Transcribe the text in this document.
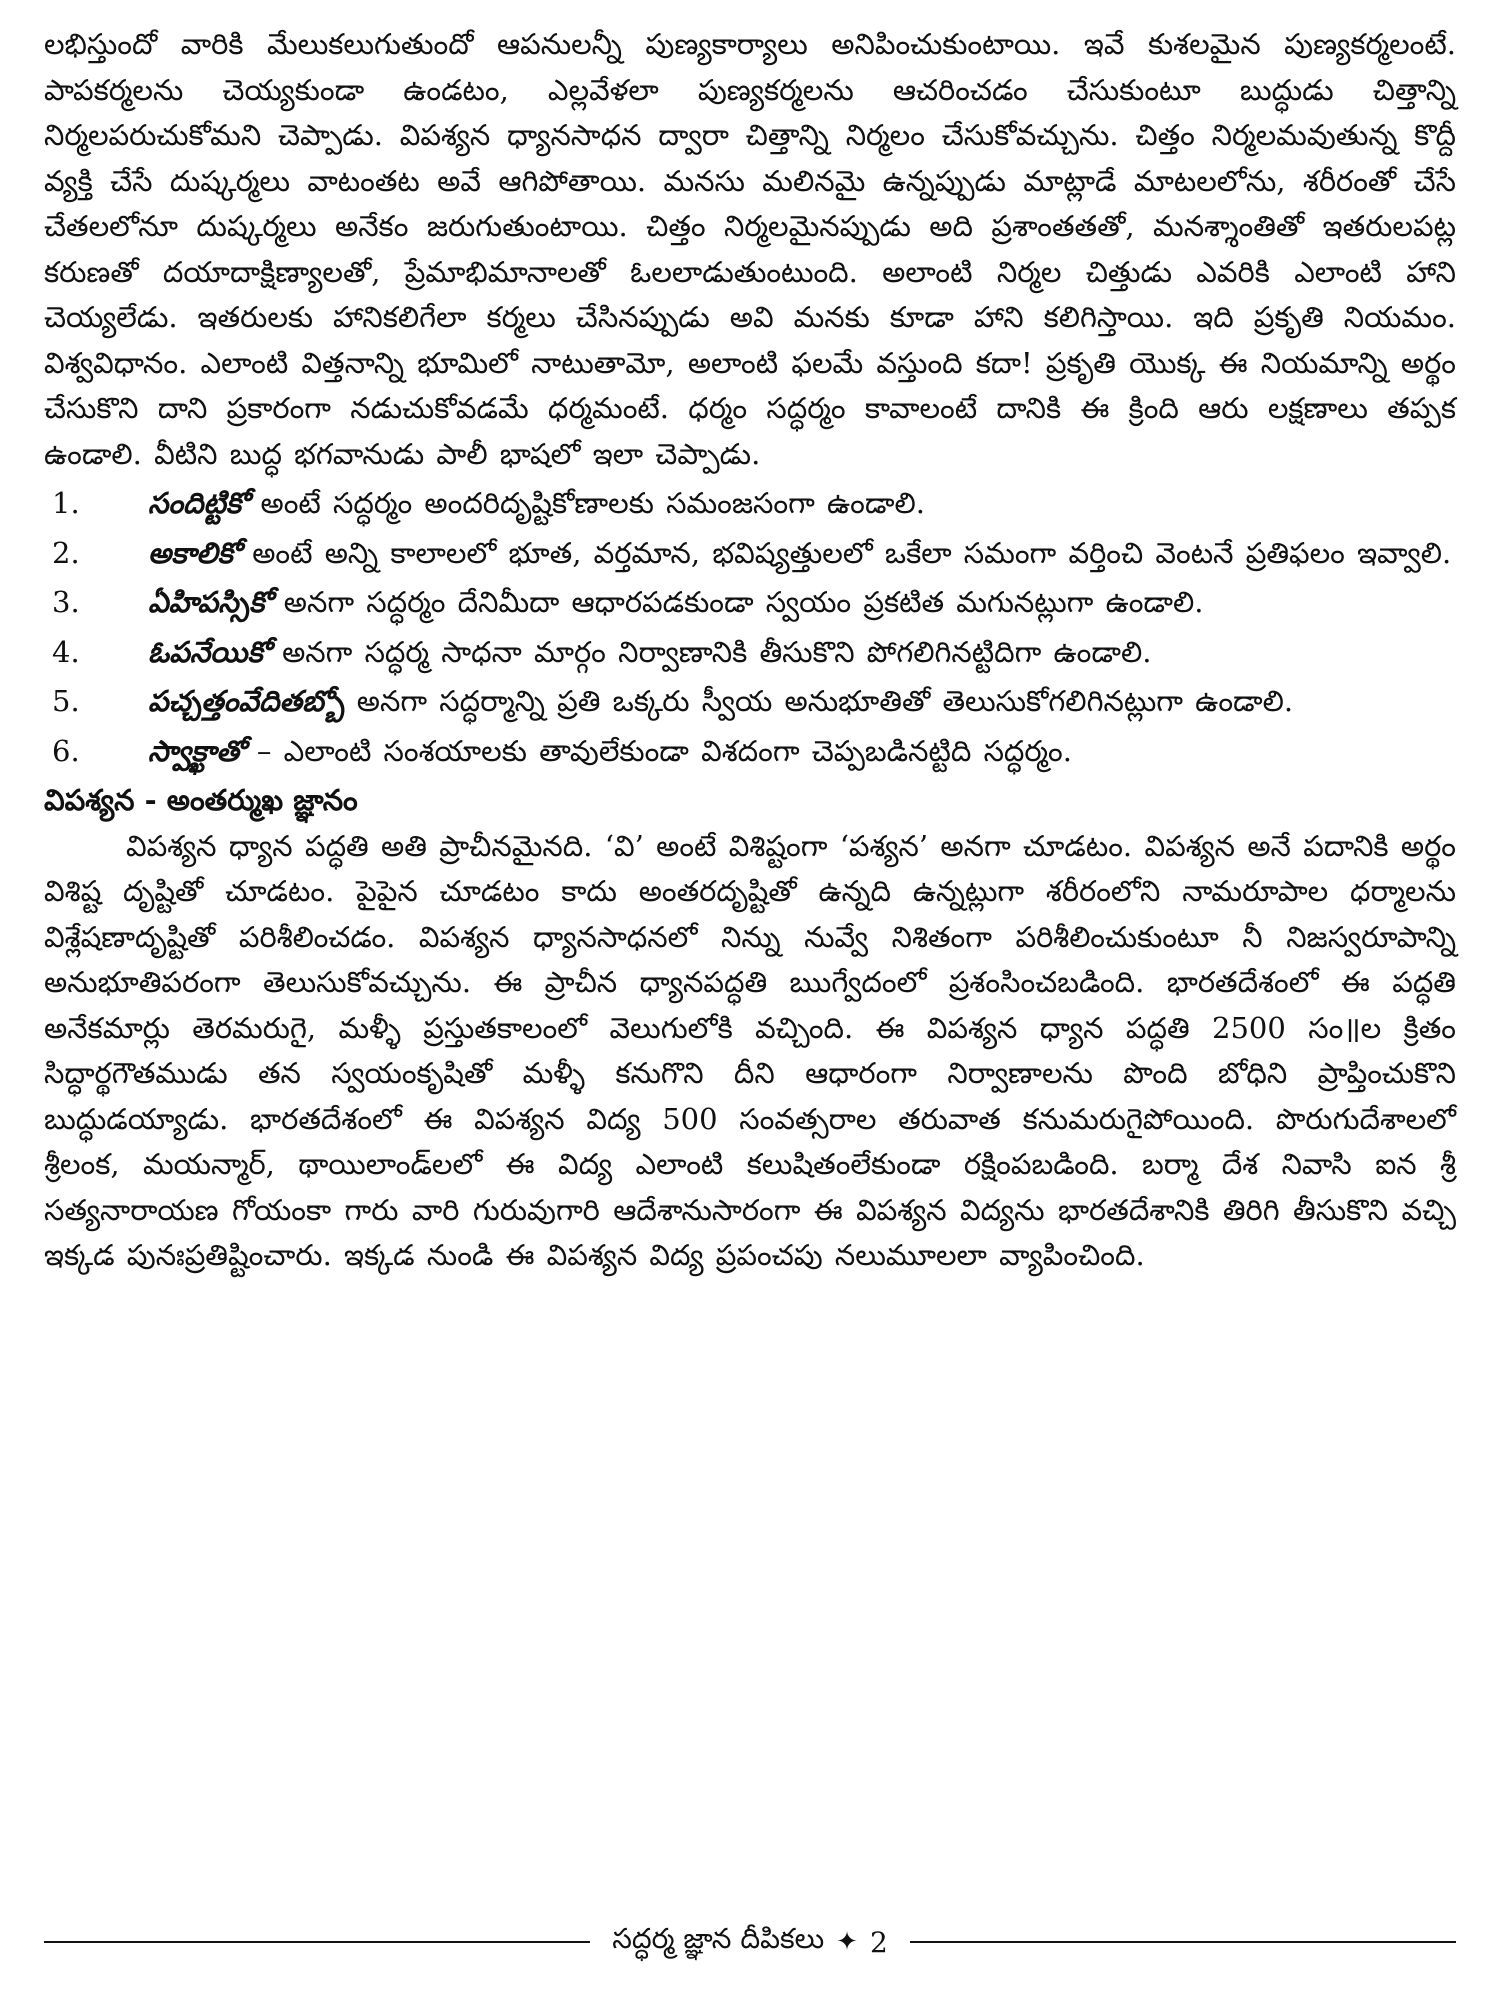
లభిస్తుందో వారికి మేలుకలుగుతుందో ఆపనులన్నీ పుణ్యకార్యాలు అనిపించుకుంటాయి. ఇవే కుశలమైన పుణ్యకర్మలంటే. పాపకర్మలను చెయ్యకుండా ఉండటం, ఎల్లవేళలా పుణ్యకర్మలను ఆచరించడం చేసుకుంటూ బుద్ధుడు చిత్తాన్ని నిర్మలపరుచుకోమని చెప్పాడు. విపశ్యన ధ్యానసాధన ద్వారా చిత్తాన్ని నిర్మలం చేసుకోవచ్చును. చిత్తం నిర్మలమవుతున్న కొద్దీ వ్యక్తి చేసే దుష్కర్మలు వాటంతట అవే ఆగిపోతాయి. మనసు మలినమై ఉన్నప్పుడు మాట్లాడే మాటలలోను, శరీరంతో చేసే చేతలలోనూ దుష్కర్మలు అనేకం జరుగుతుంటాయి. చిత్తం నిర్మలమైనప్పుడు అది ప్రశాంతతతో, మనశ్శాంతితో ఇతరులపట్ల కరుణతో దయాదాక్షిణ్యాలతో, ప్రేమాభిమానాలతో ఓలలాడుతుంటుంది. అలాంటి నిర్మల చిత్తుడు ఎవరికి ఎలాంటి హాని చెయ్యలేడు. ఇతరులకు హానికలిగేలా కర్మలు చేసినప్పుడు అవి మనకు కూడా హాని కలిగిస్తాయి. ఇది ప్రకృతి నియమం. విశ్వవిధానం. ఎలాంటి విత్తనాన్ని భూమిలో నాటుతామో, అలాంటి ఫలమే వస్తుంది కదా! ప్రకృతి యొక్క ఈ నియమాన్ని అర్థం చేసుకొని దాని ప్రకారంగా నడుచుకోవడమే ధర్మమంటే. ధర్మం సద్ధర్మం కావాలంటే దానికి ఈ క్రింది ఆరు లక్షణాలు తప్పక ఉండాలి. వీటిని బుద్ధ భగవానుడు పాలీ భాషలో ఇలా చెప్పాడు.

1.	సందిట్టికో అంటే సద్ధర్మం అందరిదృష్టికోణాలకు సమంజసంగా ఉండాలి.
2.	అకాలికో అంటే అన్ని కాలాలలో భూత, వర్తమాన, భవిష్యత్తులలో ఒకేలా సమంగా వర్తించి వెంటనే ప్రతిఫలం ఇవ్వాలి.
3.	ఏహిపస్సికో అనగా సద్ధర్మం దేనిమీదా ఆధారపడకుండా స్వయం ప్రకటిత మగునట్లుగా ఉండాలి.
4.	ఓపనేయికో అనగా సద్ధర్మ సాధనా మార్గం నిర్వాణానికి తీసుకొని పోగలిగినట్టిదిగా ఉండాలి.
5.	పచ్చత్తంవేదితబ్బో అనగా సద్ధర్మాన్ని ప్రతి ఒక్కరు స్వీయ అనుభూతితో తెలుసుకోగలిగినట్లుగా ఉండాలి.
6.	స్వాక్ఖాతో – ఎలాంటి సంశయాలకు తావులేకుండా విశదంగా చెప్పబడినట్టిది సద్ధర్మం.
విపశ్యన - అంతర్ముఖ జ్ఞానం

విపశ్యన ధ్యాన పద్ధతి అతి ప్రాచీనమైనది. ‘వి’ అంటే విశిష్టంగా ‘పశ్యన’ అనగా చూడటం. విపశ్యన అనే పదానికి అర్థం విశిష్ట దృష్టితో చూడటం. పైపైన చూడటం కాదు అంతరదృష్టితో ఉన్నది ఉన్నట్లుగా శరీరంలోని నామరూపాల ధర్మాలను విశ్లేషణాదృష్టితో పరిశీలించడం. విపశ్యన ధ్యానసాధనలో నిన్ను నువ్వే నిశితంగా పరిశీలించుకుంటూ నీ నిజస్వరూపాన్ని అనుభూతిపరంగా తెలుసుకోవచ్చును. ఈ ప్రాచీన ధ్యానపద్ధతి ఋగ్వేదంలో ప్రశంసించబడింది. భారతదేశంలో ఈ పద్ధతి అనేకమార్లు తెరమరుగై, మళ్ళీ ప్రస్తుతకాలంలో వెలుగులోకి వచ్చింది. ఈ విపశ్యన ధ్యాన పద్ధతి 2500 సం॥ల క్రితం సిద్ధార్థగౌతముడు తన స్వయంకృషితో మళ్ళీ కనుగొని దీని ఆధారంగా నిర్వాణాలను పొంది బోధిని ప్రాప్తించుకొని బుద్ధుడయ్యాడు. భారతదేశంలో ఈ విపశ్యన విద్య 500 సంవత్సరాల తరువాత కనుమరుగైపోయింది. పొరుగుదేశాలలో శ్రీలంక, మయన్మార్, థాయిలాండ్‌లలో ఈ విద్య ఎలాంటి కలుషితంలేకుండా రక్షింపబడింది. బర్మా దేశ నివాసి ఐన శ్రీ సత్యనారాయణ గోయంకా గారు వారి గురువుగారి ఆదేశానుసారంగా ఈ విపశ్యన విద్యను భారతదేశానికి తిరిగి తీసుకొని వచ్చి ఇక్కడ పునఃప్రతిష్టించారు. ఇక్కడ నుండి ఈ విపశ్యన విద్య ప్రపంచపు నలుమూలలా వ్యాపించింది.

సద్ధర్మ జ్ఞాన దీపికలు ✦ 2
